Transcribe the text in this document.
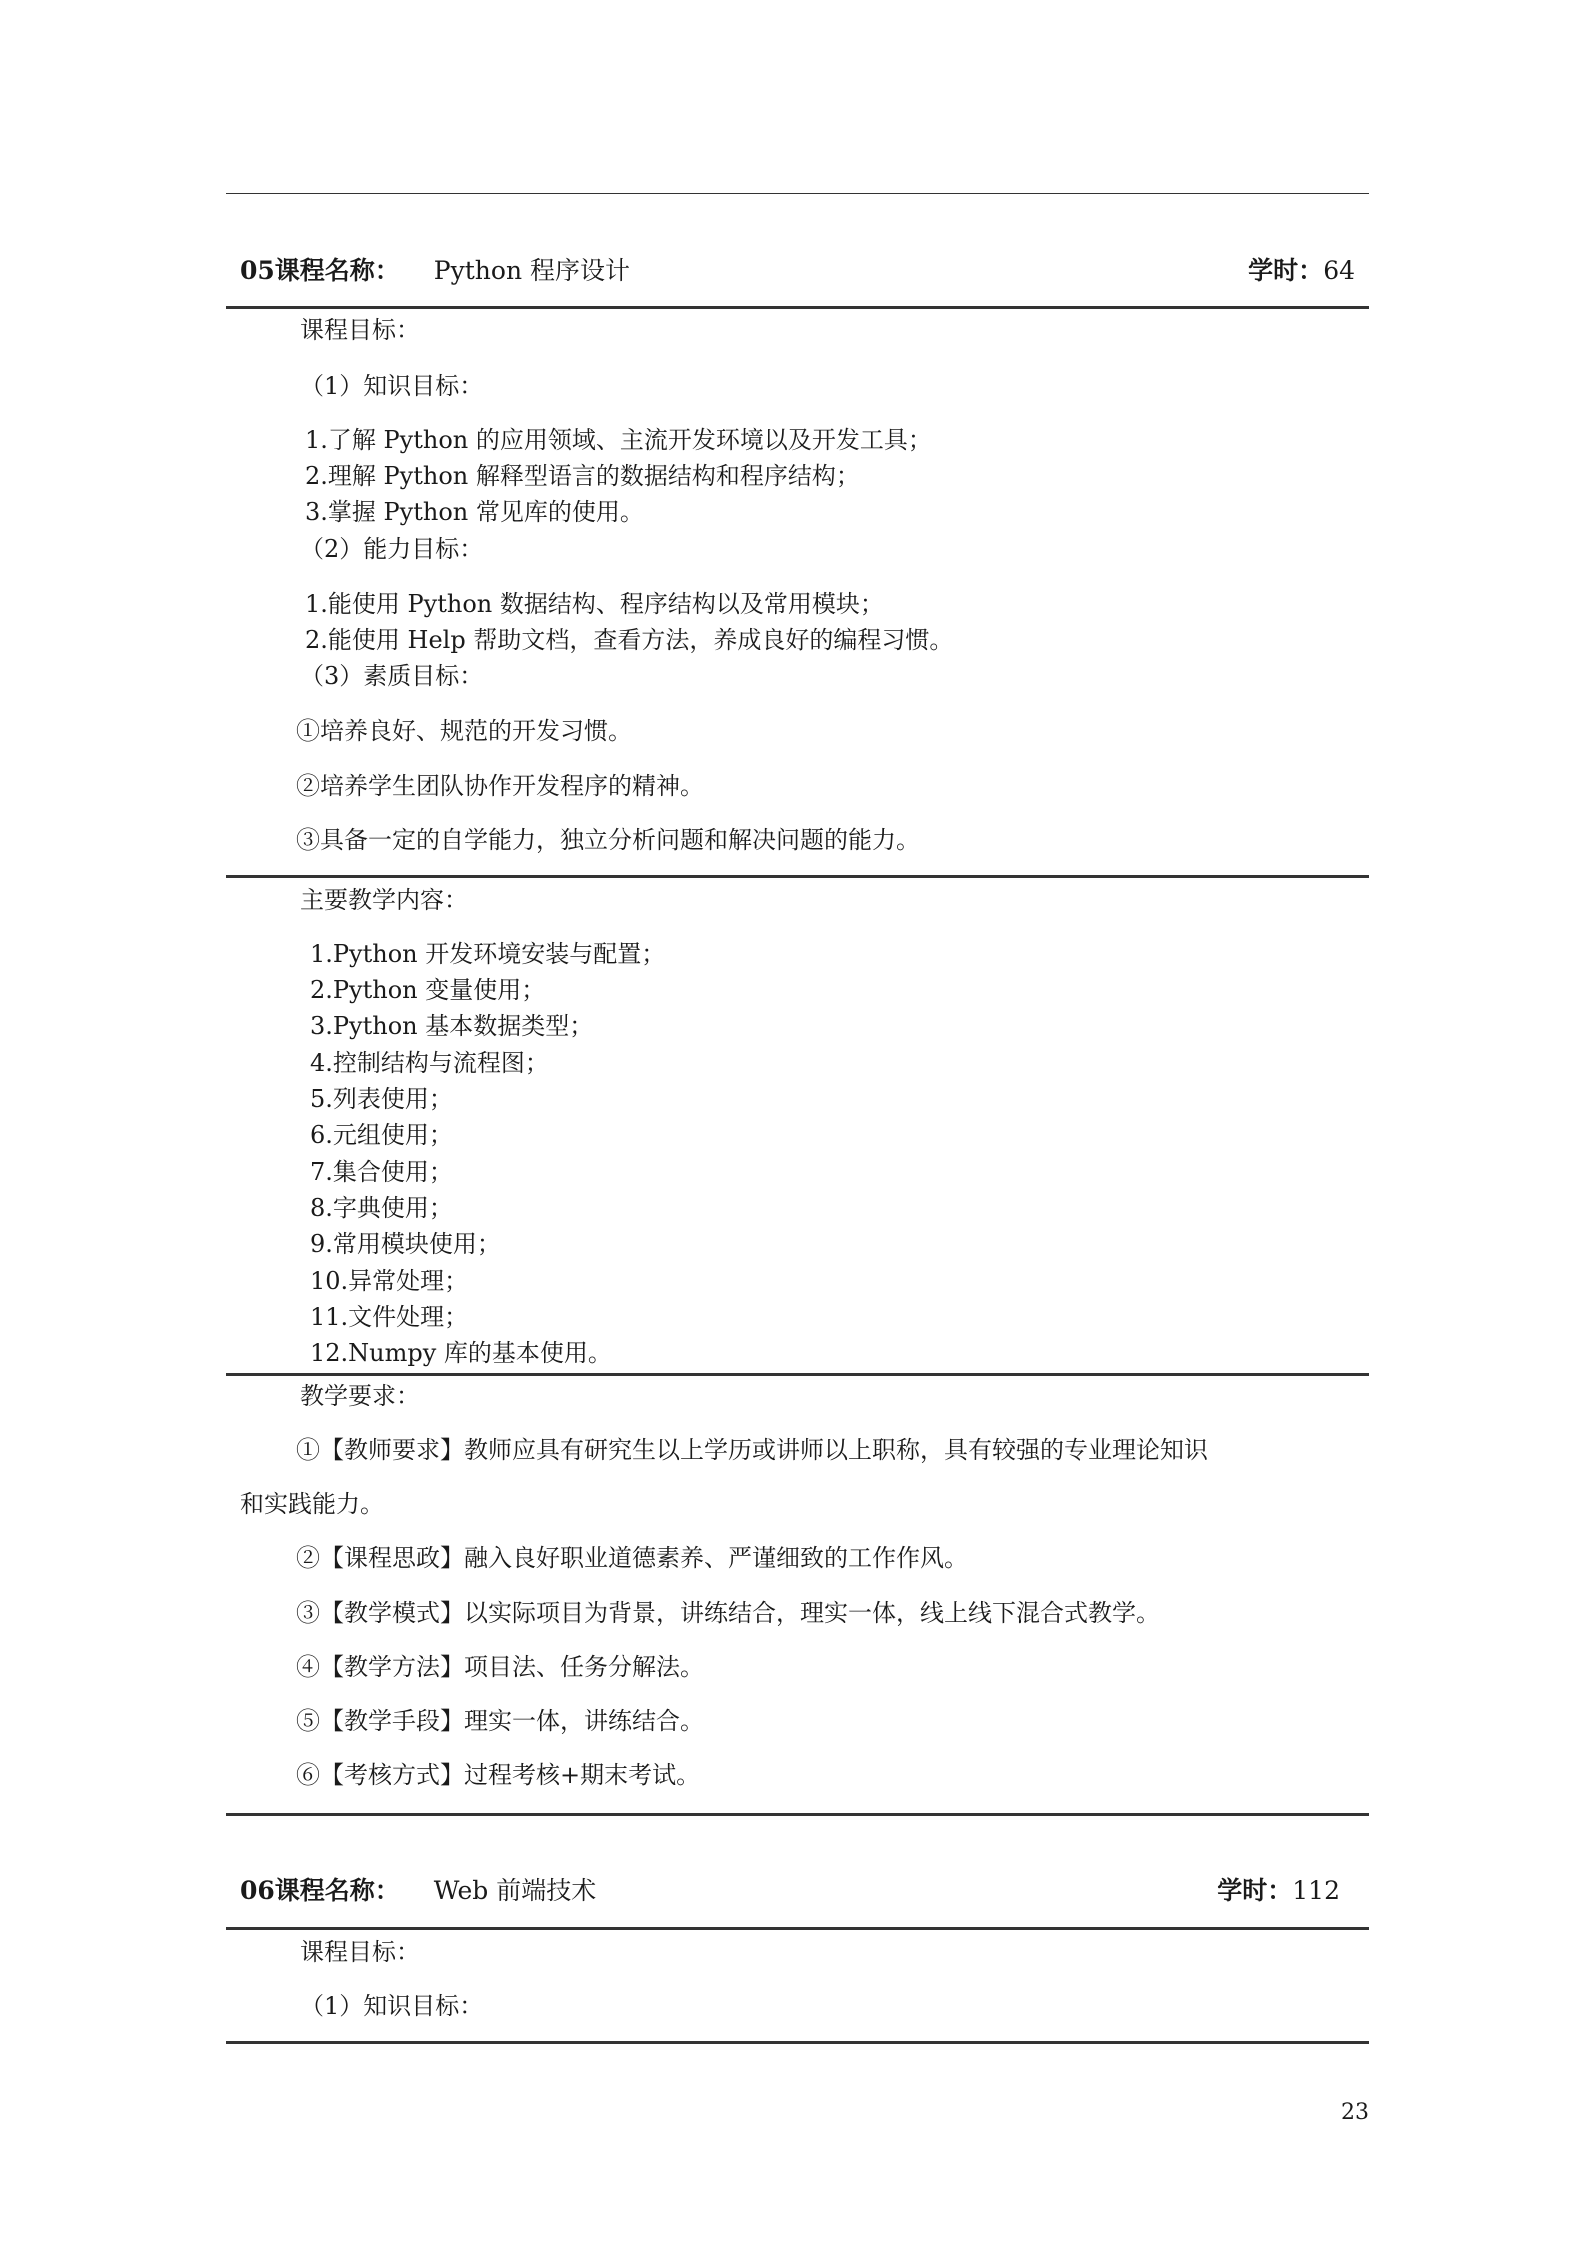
05课程名称： Python 程序设计	学时：64
课程目标：
（1）知识目标：
1.了解 Python 的应用领域、主流开发环境以及开发工具；
2.理解 Python 解释型语言的数据结构和程序结构；
3.掌握 Python 常见库的使用。
（2）能力目标：
1.能使用 Python 数据结构、程序结构以及常用模块；
2.能使用 Help 帮助文档，查看方法，养成良好的编程习惯。
（3）素质目标：
①培养良好、规范的开发习惯。
②培养学生团队协作开发程序的精神。
③具备一定的自学能力，独立分析问题和解决问题的能力。
主要教学内容：
1.Python 开发环境安装与配置；
2.Python 变量使用；
3.Python 基本数据类型；
4.控制结构与流程图；
5.列表使用；
6.元组使用；
7.集合使用；
8.字典使用；
9.常用模块使用；
10.异常处理；
11.文件处理；
12.Numpy 库的基本使用。
教学要求：
①【教师要求】教师应具有研究生以上学历或讲师以上职称，具有较强的专业理论知识
和实践能力。
②【课程思政】融入良好职业道德素养、严谨细致的工作作风。
③【教学模式】以实际项目为背景，讲练结合，理实一体，线上线下混合式教学。
④【教学方法】项目法、任务分解法。
⑤【教学手段】理实一体，讲练结合。
⑥【考核方式】过程考核+期末考试。
06课程名称： Web 前端技术	学时：112
课程目标：
（1）知识目标：
23
